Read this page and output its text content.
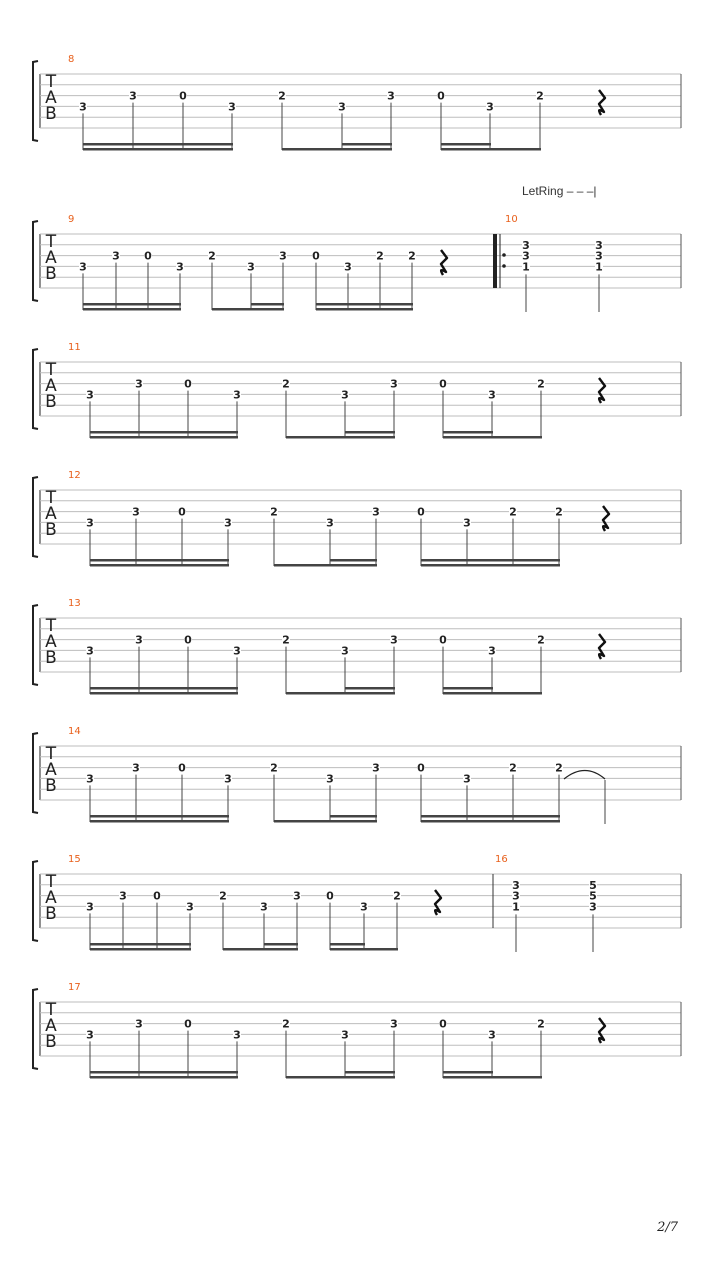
T
A
B
8
3
3	0
3
2
3
3	0
3
2
T
A
B
9
3
3 0
3
2
3
3 0
3
2 2
10
3
3
1
3
3
1
T
A
B
11
3
3	0
3
2
3
3	0
3
2
T
A
B
12
3
3	0
3
2
3
3	0
3
2	2
T
A
B
13
3
3	0
3
2
3
3	0
3
2
T
A
B
14
3
3	0
3
2
3
3	0
3
2	2
T
A
B
15
3
3 0
3
2
3
3 0
3
2
16
3
3
1
5
5
3
T
A
B
17
3
3	0
3
2
3
3	0
3
2
LetRing – – –|
2/7
